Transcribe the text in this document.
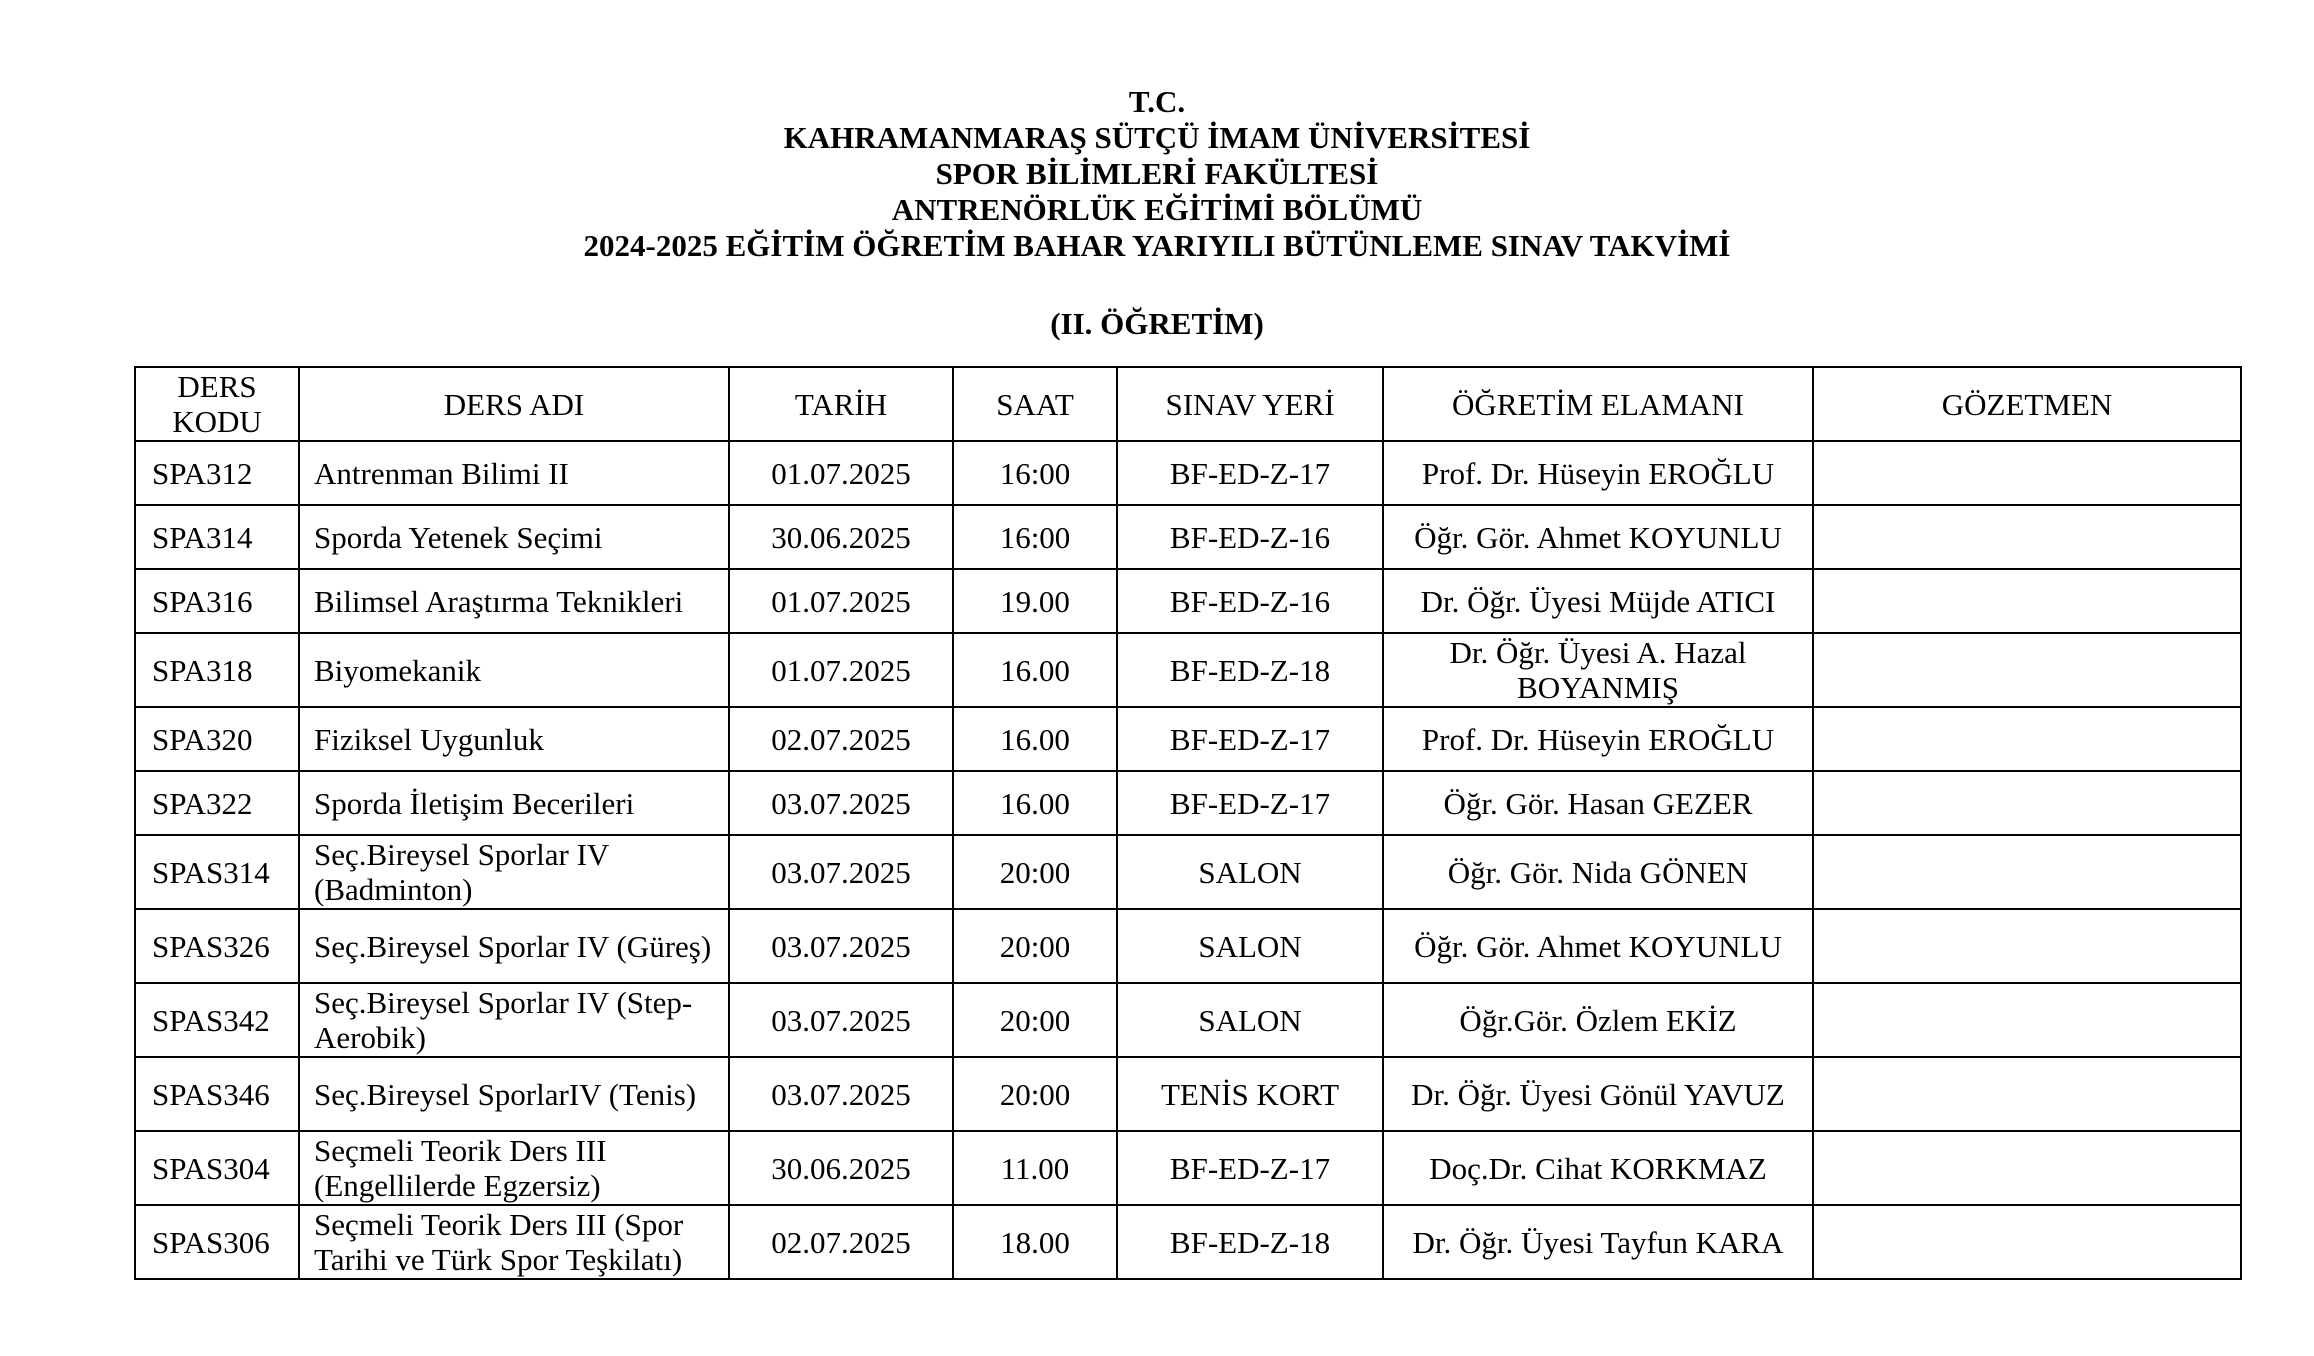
T.C.
KAHRAMANMARAŞ SÜTÇÜ İMAM ÜNİVERSİTESİ
SPOR BİLİMLERİ FAKÜLTESİ
ANTRENÖRLÜK EĞİTİMİ BÖLÜMÜ
2024-2025 EĞİTİM ÖĞRETİM BAHAR YARIYILI BÜTÜNLEME SINAV TAKVİMİ
(II. ÖĞRETİM)
DERS KODU	DERS ADI	TARİH	SAAT	SINAV YERİ	ÖĞRETİM ELAMANI	GÖZETMEN
SPA312	Antrenman Bilimi II	01.07.2025	16:00	BF-ED-Z-17	Prof. Dr. Hüseyin EROĞLU	
SPA314	Sporda Yetenek Seçimi	30.06.2025	16:00	BF-ED-Z-16	Öğr. Gör. Ahmet KOYUNLU	
SPA316	Bilimsel Araştırma Teknikleri	01.07.2025	19.00	BF-ED-Z-16	Dr. Öğr. Üyesi Müjde ATICI	
SPA318	Biyomekanik	01.07.2025	16.00	BF-ED-Z-18	Dr. Öğr. Üyesi A. Hazal BOYANMIŞ	
SPA320	Fiziksel Uygunluk	02.07.2025	16.00	BF-ED-Z-17	Prof. Dr. Hüseyin EROĞLU	
SPA322	Sporda İletişim Becerileri	03.07.2025	16.00	BF-ED-Z-17	Öğr. Gör. Hasan GEZER	
SPAS314	Seç.Bireysel Sporlar IV (Badminton)	03.07.2025	20:00	SALON	Öğr. Gör. Nida GÖNEN	
SPAS326	Seç.Bireysel Sporlar IV (Güreş)	03.07.2025	20:00	SALON	Öğr. Gör. Ahmet KOYUNLU	
SPAS342	Seç.Bireysel Sporlar IV (Step-Aerobik)	03.07.2025	20:00	SALON	Öğr.Gör. Özlem EKİZ	
SPAS346	Seç.Bireysel SporlarIV (Tenis)	03.07.2025	20:00	TENİS KORT	Dr. Öğr. Üyesi Gönül YAVUZ	
SPAS304	Seçmeli Teorik Ders III (Engellilerde Egzersiz)	30.06.2025	11.00	BF-ED-Z-17	Doç.Dr. Cihat KORKMAZ	
SPAS306	Seçmeli Teorik Ders III (Spor Tarihi ve Türk Spor Teşkilatı)	02.07.2025	18.00	BF-ED-Z-18	Dr. Öğr. Üyesi Tayfun KARA	
